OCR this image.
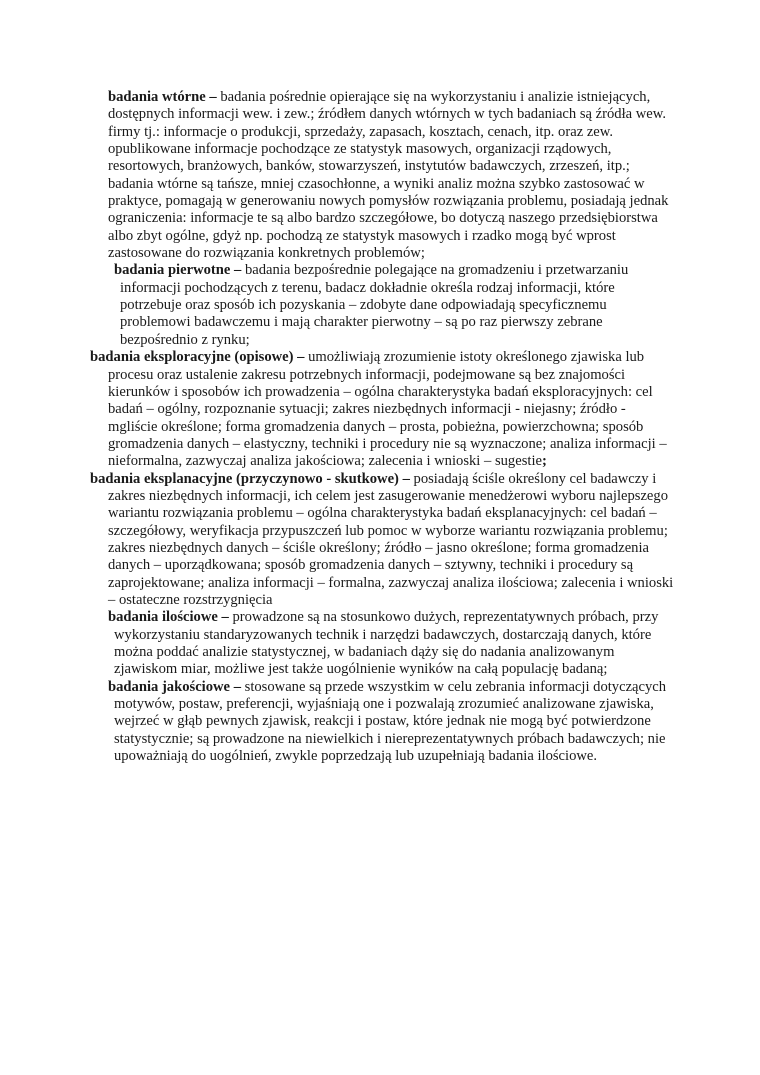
badania wtórne – badania pośrednie opierające się na wykorzystaniu i analizie istniejących, dostępnych informacji wew. i zew.; źródłem danych wtórnych w tych badaniach są źródła wew. firmy tj.: informacje o produkcji, sprzedaży, zapasach, kosztach, cenach, itp. oraz zew. opublikowane informacje pochodzące ze statystyk masowych, organizacji rządowych, resortowych, branżowych, banków, stowarzyszeń, instytutów badawczych, zrzeszeń, itp.; badania wtórne są tańsze, mniej czasochłonne, a wyniki analiz można szybko zastosować w praktyce, pomagają w generowaniu nowych pomysłów rozwiązania problemu, posiadają jednak ograniczenia: informacje te są albo bardzo szczegółowe, bo dotyczą naszego przedsiębiorstwa albo zbyt ogólne, gdyż np. pochodzą ze statystyk masowych i rzadko mogą być wprost zastosowane do rozwiązania konkretnych problemów;

badania pierwotne – badania bezpośrednie polegające na gromadzeniu i przetwarzaniu informacji pochodzących z terenu, badacz dokładnie określa rodzaj informacji, które potrzebuje oraz sposób ich pozyskania – zdobyte dane odpowiadają specyficznemu problemowi badawczemu i mają charakter pierwotny – są po raz pierwszy zebrane bezpośrednio z rynku;

badania eksploracyjne (opisowe) – umożliwiają zrozumienie istoty określonego zjawiska lub procesu oraz ustalenie zakresu potrzebnych informacji, podejmowane są bez znajomości kierunków i sposobów ich prowadzenia – ogólna charakterystyka badań eksploracyjnych: cel badań – ogólny, rozpoznanie sytuacji; zakres niezbędnych informacji - niejasny; źródło - mgliście określone; forma gromadzenia danych – prosta, pobieżna, powierzchowna; sposób gromadzenia danych – elastyczny, techniki i procedury nie są wyznaczone; analiza informacji – nieformalna, zazwyczaj analiza jakościowa; zalecenia i wnioski – sugestie;

badania eksplanacyjne (przyczynowo - skutkowe) – posiadają ściśle określony cel badawczy i zakres niezbędnych informacji, ich celem jest zasugerowanie menedżerowi wyboru najlepszego wariantu rozwiązania problemu – ogólna charakterystyka badań eksplanacyjnych: cel badań – szczegółowy, weryfikacja przypuszczeń lub pomoc w wyborze wariantu rozwiązania problemu; zakres niezbędnych danych – ściśle określony; źródło – jasno określone; forma gromadzenia danych – uporządkowana; sposób gromadzenia danych – sztywny, techniki i procedury są zaprojektowane; analiza informacji – formalna, zazwyczaj analiza ilościowa; zalecenia i wnioski – ostateczne rozstrzygnięcia

badania ilościowe – prowadzone są na stosunkowo dużych, reprezentatywnych próbach, przy wykorzystaniu standaryzowanych technik i narzędzi badawczych, dostarczają danych, które można poddać analizie statystycznej, w badaniach dąży się do nadania analizowanym zjawiskom miar, możliwe jest także uogólnienie wyników na całą populację badaną;

badania jakościowe – stosowane są przede wszystkim w celu zebrania informacji dotyczących motywów, postaw, preferencji, wyjaśniają one i pozwalają zrozumieć analizowane zjawiska, wejrzeć w głąb pewnych zjawisk, reakcji i postaw, które jednak nie mogą być potwierdzone statystycznie; są prowadzone na niewielkich i niereprezentatywnych próbach badawczych; nie upoważniają do uogólnień, zwykle poprzedzają lub uzupełniają badania ilościowe.
